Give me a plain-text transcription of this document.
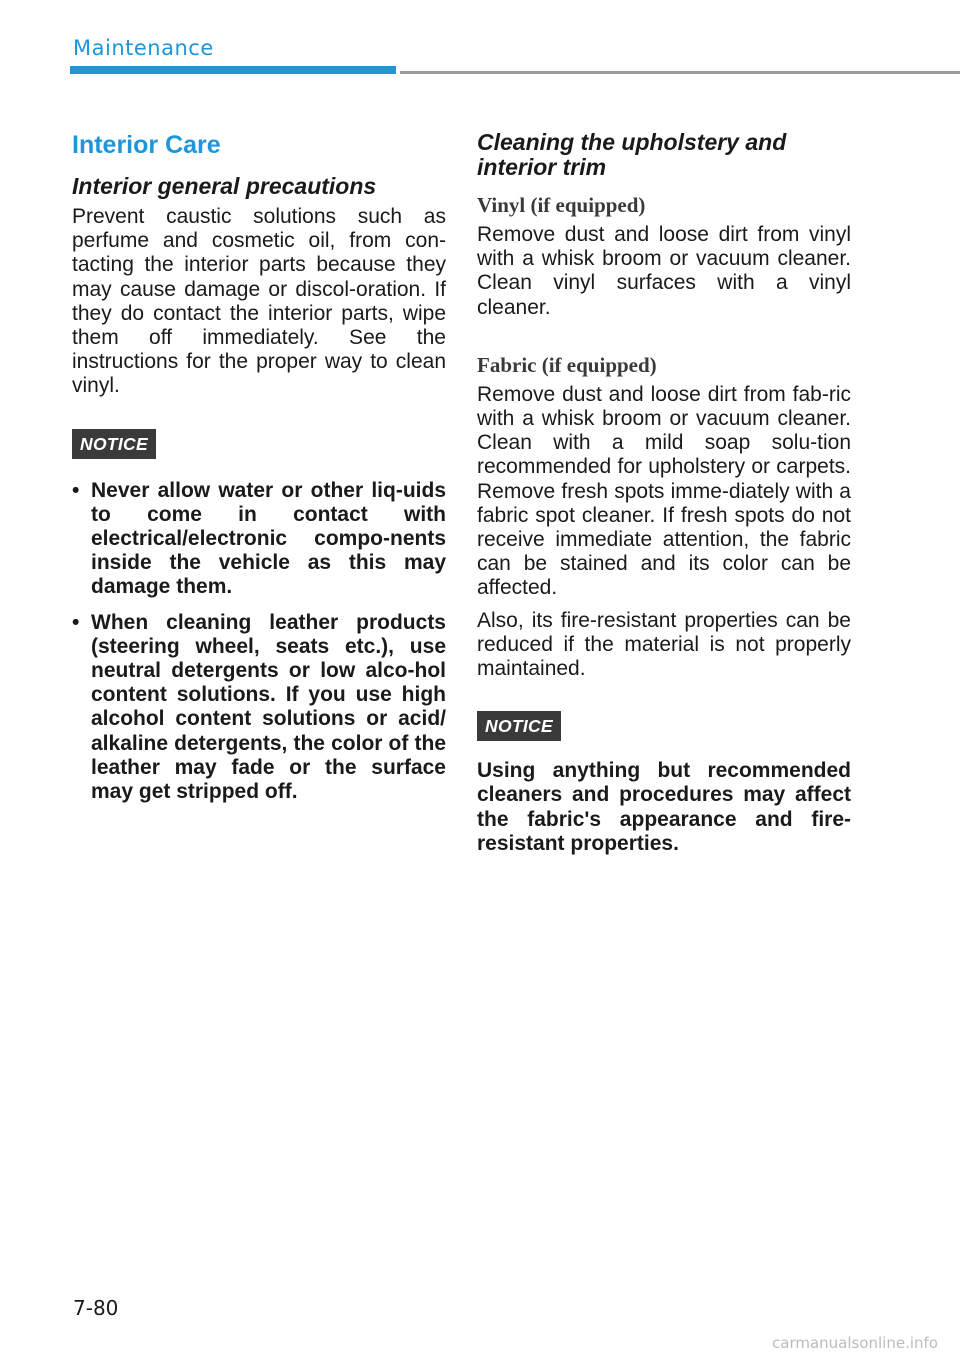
Maintenance
Interior Care
Interior general precautions

Prevent caustic solutions such as perfume and cosmetic oil, from con-tacting the interior parts because they may cause damage or discol-oration. If they do contact the interior parts, wipe them off immediately. See the instructions for the proper way to clean vinyl.

NOTICE
• Never allow water or other liq-uids to come in contact with electrical/electronic compo-nents inside the vehicle as this may damage them.
• When cleaning leather products (steering wheel, seats etc.), use neutral detergents or low alco-hol content solutions. If you use high alcohol content solutions or acid/ alkaline detergents, the color of the leather may fade or the surface may get stripped off.
Cleaning the upholstery and interior trim
Vinyl (if equipped)

Remove dust and loose dirt from vinyl with a whisk broom or vacuum cleaner. Clean vinyl surfaces with a vinyl cleaner.

Fabric (if equipped)

Remove dust and loose dirt from fab-ric with a whisk broom or vacuum cleaner. Clean with a mild soap solu-tion recommended for upholstery or carpets. Remove fresh spots imme-diately with a fabric spot cleaner. If fresh spots do not receive immediate attention, the fabric can be stained and its color can be affected.

Also, its fire-resistant properties can be reduced if the material is not properly maintained.

NOTICE

Using anything but recommended cleaners and procedures may affect the fabric's appearance and fire-resistant properties.

7-80
carmanualsonline.info
